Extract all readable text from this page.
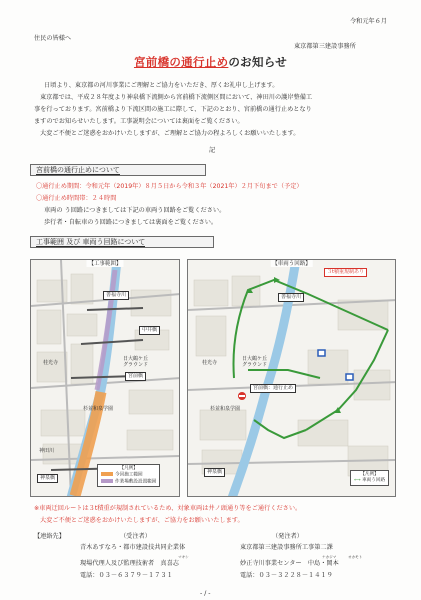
令和元年６月
住民の皆様へ
東京都第三建設事務所
宮前橋の通行止めのお知らせ
日頃より、東京都の河川事業にご理解とご協力をいただき、厚くお礼申し上げます。
東京都では、平成２８年度より神泉橋下流側から宮前橋下流側区間において、神田川の護岸整備工
事を行っております。宮前橋より下流区間の施工に際して、下記のとおり、宮前橋の通行止めとなり
ますのでお知らせいたします。工事説明会については裏面をご覧ください。
大変ご不便とご迷惑をおかけいたしますが、ご理解とご協力の程よろしくお願いいたします。
記
宮前橋の通行止めについて
〇通行止め期間：令和元年（2019年）８月５日から令和３年（2021年）２月下旬まで（予定）
〇通行止め時間帯：２４時間
車両の う回路につきましては下記の車両う回路をご覧ください。
歩行者・自転車のう回路につきましては裏面をご覧ください。
工事範囲 及び 車両う回路について
【工事範囲】
善福寺川
中井橋
日大鶴ケ丘
グラウンド
宮前橋
桂光寺
杉並和泉学園
神田川
神泉橋
【凡例】
今回施工範囲
作業場敷設設置範囲
【車両う回路】
善福寺川
３t積重規制あり
日大鶴ケ丘
グラウンド
桂光寺
宮前橋：通行止め
杉並和泉学園
神泉橋	【凡例】
⟷ 車両う回路
※車両迂回ルートは３t積重が規制されているため、対象車両は井ノ頭通り等をご通行ください。
大変ご不便とご迷惑をおかけいたしますが、ご協力をお願いいたします。
【連絡先】	（受注者）
青木あすなろ・都市建設技共同企業体
マキシ
現場代理人及び監理技術者　真喜志
電話：０３－６３７９－１７３１
（発注者）
東京都第三建設事務所工事第二課
ナカジマ	オカモト
妙正寺川事業センター　中島・岡本
電話：０３－３２２８－１４１９
- / -
